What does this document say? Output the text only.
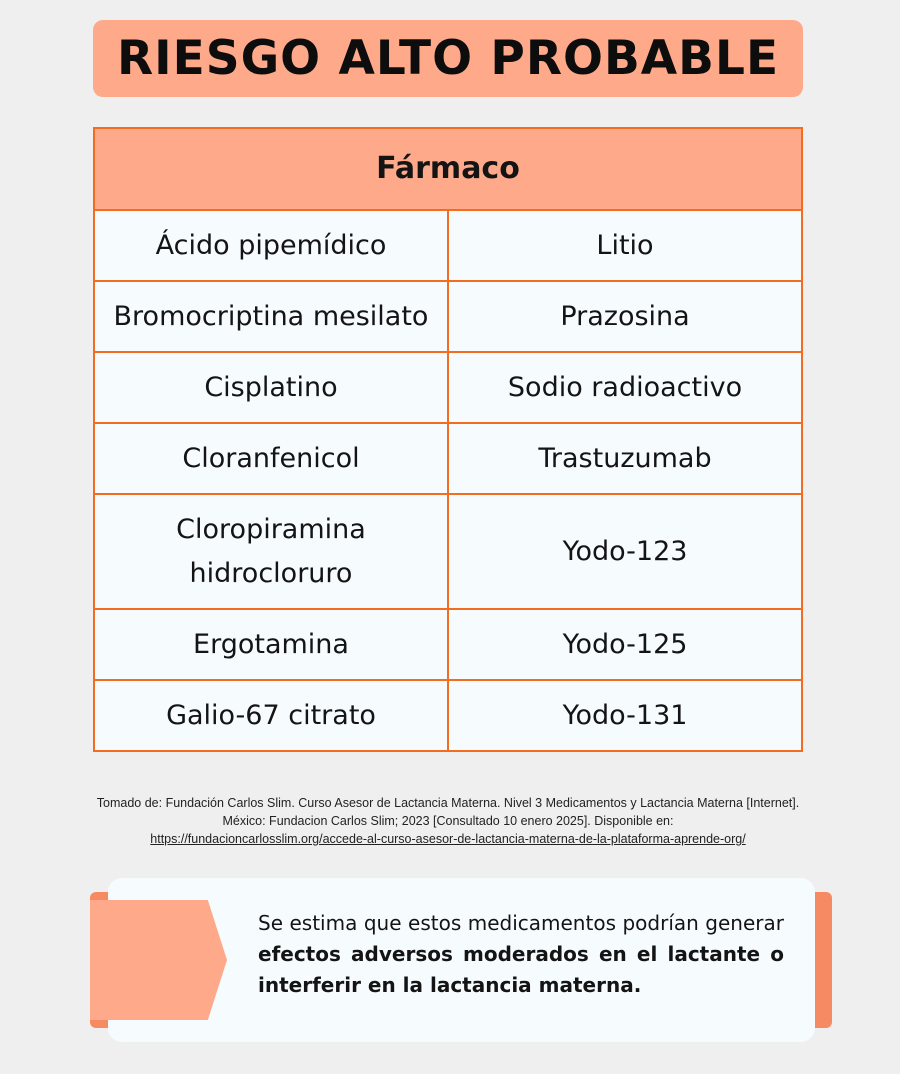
RIESGO ALTO PROBABLE
Fármaco	
Ácido pipemídico	Litio
Bromocriptina mesilato	Prazosina
Cisplatino	Sodio radioactivo
Cloranfenicol	Trastuzumab
Cloropiramina hidrocloruro	Yodo-123
Ergotamina	Yodo-125
Galio-67 citrato	Yodo-131
Tomado de: Fundación Carlos Slim. Curso Asesor de Lactancia Materna. Nivel 3 Medicamentos y Lactancia Materna [Internet]. México: Fundacion Carlos Slim; 2023 [Consultado 10 enero 2025]. Disponible en:
https://fundacioncarlosslim.org/accede-al-curso-asesor-de-lactancia-materna-de-la-plataforma-aprende-org/
Se estima que estos medicamentos podrían generar efectos adversos moderados en el lactante o interferir en la lactancia materna.
